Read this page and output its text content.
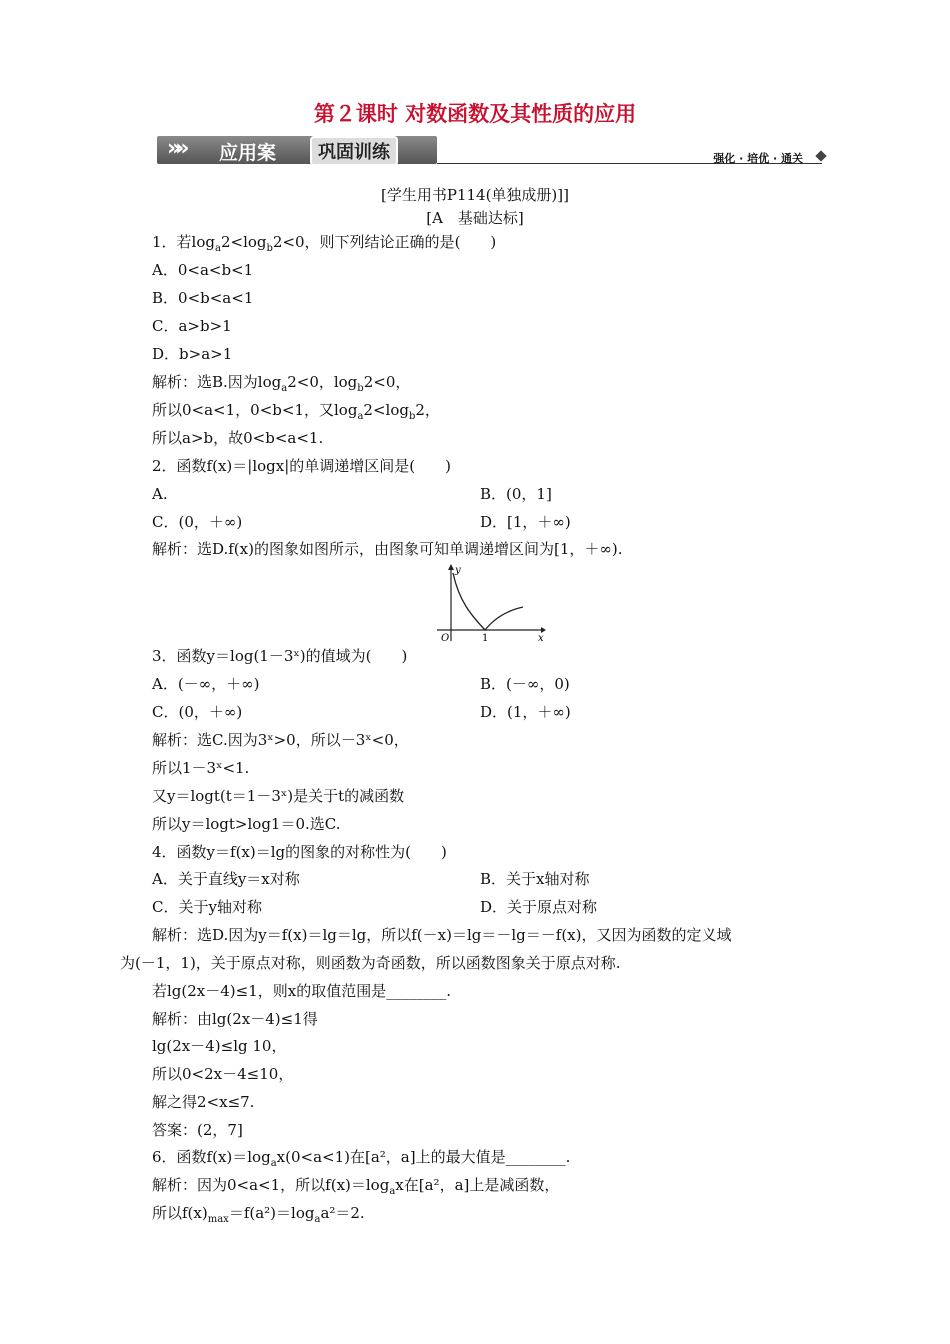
第２课时 对数函数及其性质的应用
»» 应用案	巩固训练	强化 · 培优 · 通关
[学生用书P114(单独成册)]]
[A　基础达标]
1．若$\log_a2<\log_b2<0$，则下列结论正确的是(　　)
A．0<a<b<1
B．0<b<a<1
C．a>b>1
D．b>a>1
解析：选B.因为$\log_a2<0$，$\log_b2<0$，
所以0<a<1，0<b<1，又$\log_a2<\log_b2$，
所以a>b，故0<b<a<1.
2．函数f(x)＝|logx|的单调递增区间是(　　)
A.	B．(0，1]
C．(0，＋∞)	D．[1，＋∞)
解析：选D.f(x)的图象如图所示，由图象可知单调递增区间为[1，＋∞).
y
x
O	1
3．函数y＝log(1－3ˣ)的值域为(　　)
A．(－∞，＋∞)	B．(－∞，0)
C．(0，＋∞)	D．(1，＋∞)
解析：选C.因为3ˣ>0，所以－3ˣ<0，
所以1－3ˣ<1.
又y＝logt(t＝1－3ˣ)是关于t的减函数
所以y＝logt>log1＝0.选C.
4．函数y＝f(x)＝lg的图象的对称性为(　　)
A．关于直线y＝x对称	B．关于x轴对称
C．关于y轴对称	D．关于原点对称
解析：选D.因为y＝f(x)＝lg＝lg，所以f(－x)＝lg＝－lg＝－f(x)，又因为函数的定义域
为(－1，1)，关于原点对称，则函数为奇函数，所以函数图象关于原点对称.
若lg(2x－4)≤1，则x的取值范围是________.
解析：由lg(2x－4)≤1得
lg(2x－4)≤lg 10，
所以0<2x－4≤10，
解之得2<x≤7.
答案：(2，7]
6．函数$f(x)=\log_ax(0<a<1)$在[a²，a]上的最大值是________.
解析：因为0<a<1，所以$f(x)=\log_ax$在[a²，a]上是减函数，
所以$f(x)_{max}=f(a^2)=\log_aa^2=2$.
